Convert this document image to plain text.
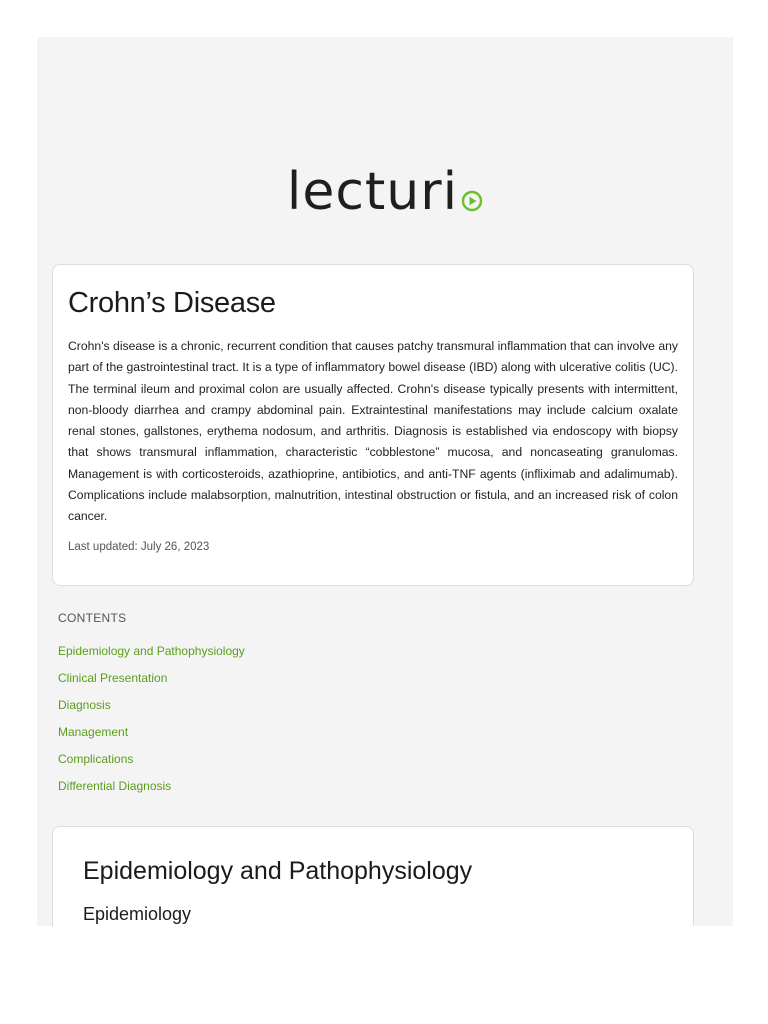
lecturi
Crohn’s Disease

Crohn's disease is a chronic, recurrent condition that causes patchy transmural inflammation that can involve any part of the gastrointestinal tract. It is a type of inflammatory bowel disease (IBD) along with ulcerative colitis (UC). The terminal ileum and proximal colon are usually affected. Crohn's disease typically presents with intermittent, non-bloody diarrhea and crampy abdominal pain. Extraintestinal manifestations may include calcium oxalate renal stones, gallstones, erythema nodosum, and arthritis. Diagnosis is established via endoscopy with biopsy that shows transmural inflammation, characteristic “cobblestone” mucosa, and noncaseating granulomas. Management is with corticosteroids, azathioprine, antibiotics, and anti-TNF agents (infliximab and adalimumab). Complications include malabsorption, malnutrition, intestinal obstruction or fistula, and an increased risk of colon cancer.

Last updated: July 26, 2023
CONTENTS
Epidemiology and Pathophysiology
Clinical Presentation
Diagnosis
Management
Complications
Differential Diagnosis
Epidemiology and Pathophysiology
Epidemiology
